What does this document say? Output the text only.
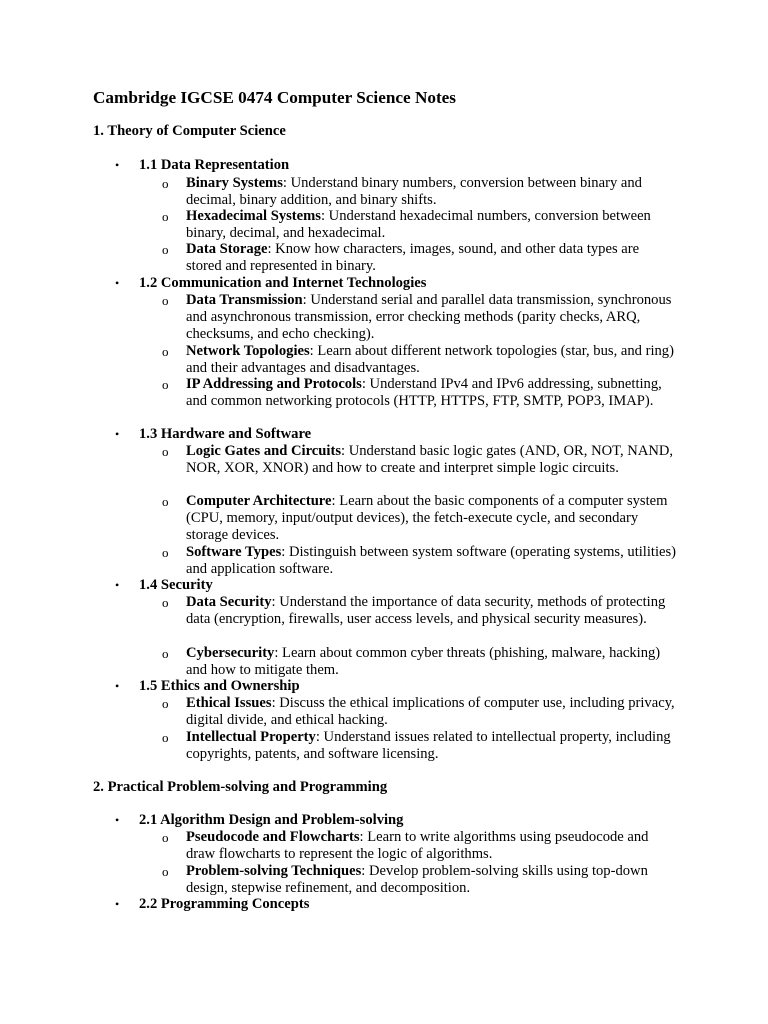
Cambridge IGCSE 0474 Computer Science Notes
1. Theory of Computer Science
• 1.1 Data Representation
o Binary Systems: Understand binary numbers, conversion between binary and decimal, binary addition, and binary shifts.
o Hexadecimal Systems: Understand hexadecimal numbers, conversion between binary, decimal, and hexadecimal.
o Data Storage: Know how characters, images, sound, and other data types are stored and represented in binary.
• 1.2 Communication and Internet Technologies
o Data Transmission: Understand serial and parallel data transmission, synchronous and asynchronous transmission, error checking methods (parity checks, ARQ, checksums, and echo checking).
o Network Topologies: Learn about different network topologies (star, bus, and ring) and their advantages and disadvantages.
o IP Addressing and Protocols: Understand IPv4 and IPv6 addressing, subnetting, and common networking protocols (HTTP, HTTPS, FTP, SMTP, POP3, IMAP).
• 1.3 Hardware and Software
o Logic Gates and Circuits: Understand basic logic gates (AND, OR, NOT, NAND, NOR, XOR, XNOR) and how to create and interpret simple logic circuits.
o Computer Architecture: Learn about the basic components of a computer system (CPU, memory, input/output devices), the fetch-execute cycle, and secondary storage devices.
o Software Types: Distinguish between system software (operating systems, utilities) and application software.
• 1.4 Security
o Data Security: Understand the importance of data security, methods of protecting data (encryption, firewalls, user access levels, and physical security measures).
o Cybersecurity: Learn about common cyber threats (phishing, malware, hacking) and how to mitigate them.
• 1.5 Ethics and Ownership
o Ethical Issues: Discuss the ethical implications of computer use, including privacy, digital divide, and ethical hacking.
o Intellectual Property: Understand issues related to intellectual property, including copyrights, patents, and software licensing.
2. Practical Problem-solving and Programming
• 2.1 Algorithm Design and Problem-solving
o Pseudocode and Flowcharts: Learn to write algorithms using pseudocode and draw flowcharts to represent the logic of algorithms.
o Problem-solving Techniques: Develop problem-solving skills using top-down design, stepwise refinement, and decomposition.
• 2.2 Programming Concepts
